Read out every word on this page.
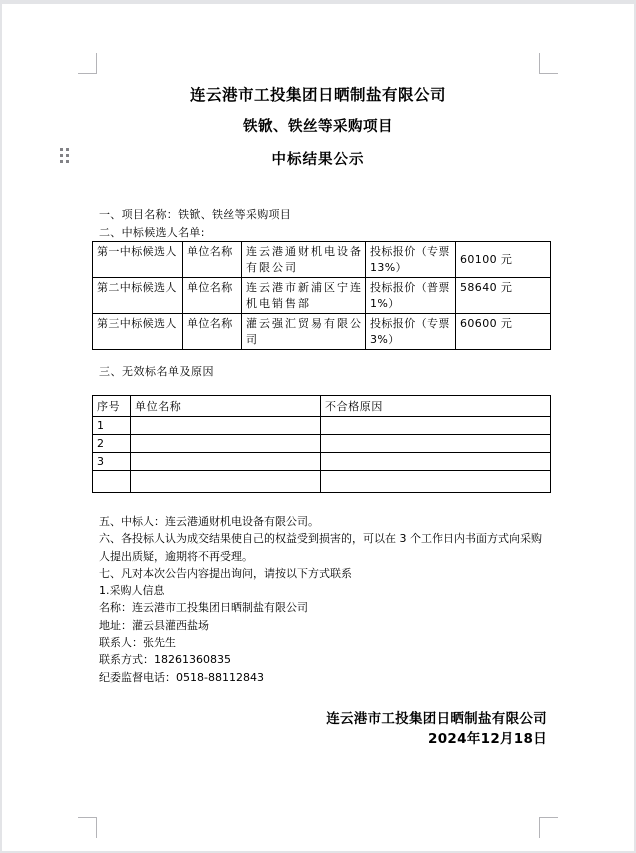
连云港市工投集团日晒制盐有限公司
铁锨、铁丝等采购项目
中标结果公示
一、项目名称：铁锨、铁丝等采购项目
二、中标候选人名单:
第一中标候选人	单位名称	连云港通财机电设备有限公司	投标报价（专票13%）	60100 元
第二中标候选人	单位名称	连云港市新浦区宁连机电销售部	投标报价（普票1%）	58640 元
第三中标候选人	单位名称	灌云强汇贸易有限公司	投标报价（专票3%）	60600 元
三、无效标名单及原因
序号	单位名称	不合格原因
1		
2		
3		

五、中标人：连云港通财机电设备有限公司。
六、各投标人认为成交结果使自己的权益受到损害的，可以在 3 个工作日内书面方式向采购人提出质疑，逾期将不再受理。
七、凡对本次公告内容提出询问，请按以下方式联系
1.采购人信息
名称：连云港市工投集团日晒制盐有限公司
地址：灌云县灌西盐场
联系人：张先生
联系方式：18261360835
纪委监督电话：0518-88112843
连云港市工投集团日晒制盐有限公司
2024年12月18日
